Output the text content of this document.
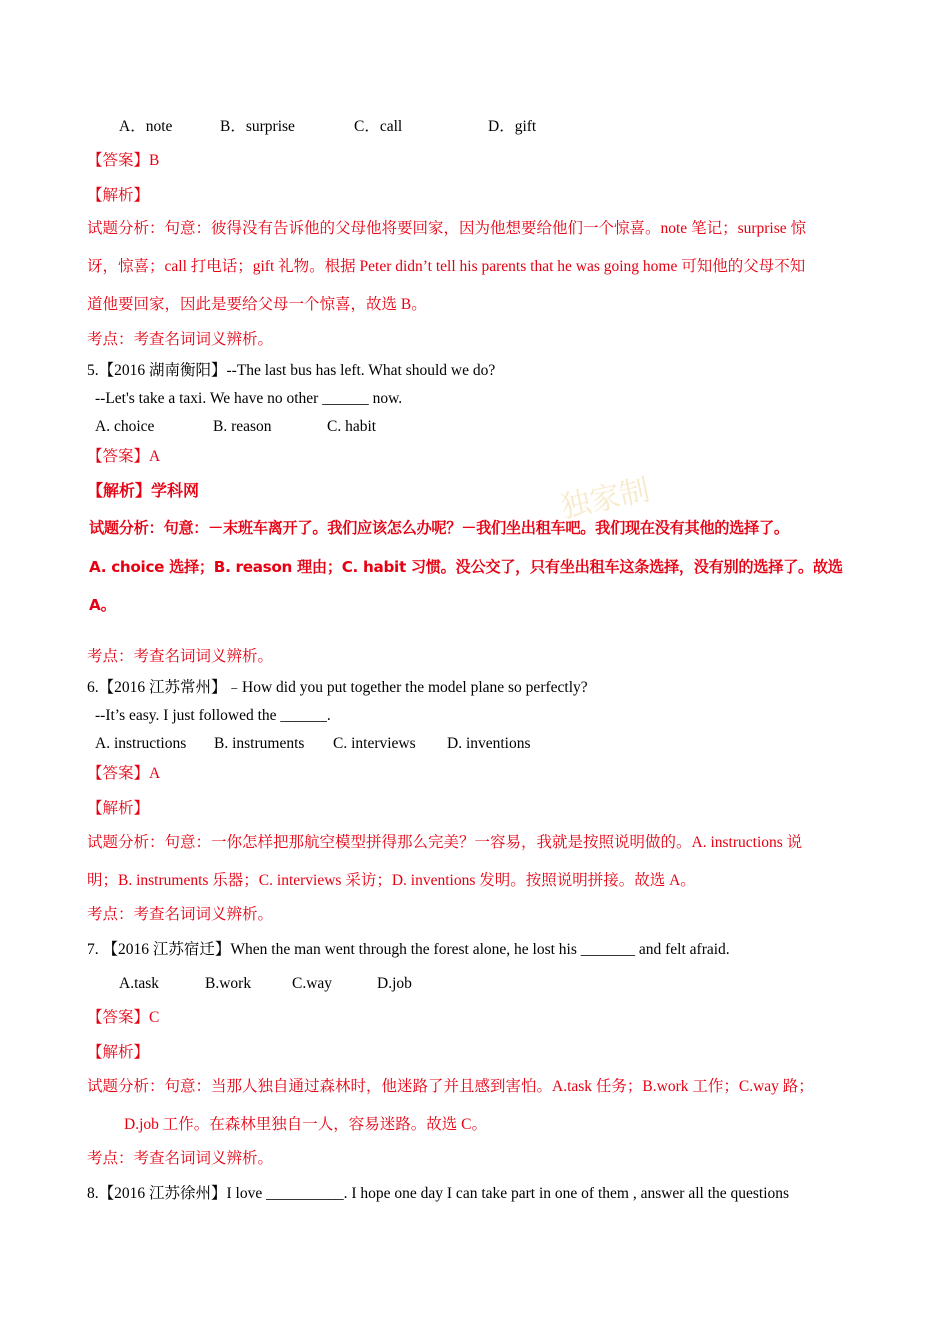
A．note	B．surprise	C．call	D．gift
【答案】B
【解析】
试题分析：句意：彼得没有告诉他的父母他将要回家，因为他想要给他们一个惊喜。note 笔记；surprise 惊
讶，惊喜；call 打电话；gift 礼物。根据 Peter didn’t tell his parents that he was going home 可知他的父母不知
道他要回家，因此是要给父母一个惊喜，故选 B。
考点：考查名词词义辨析。
5.【2016 湖南衡阳】--The last bus has left. What should we do?
--Let's take a taxi. We have no other ______ now.
A. choice	B. reason	C. habit
【答案】A
独家制
【解析】学科网
试题分析：句意：－末班车离开了。我们应该怎么办呢？－我们坐出租车吧。我们现在没有其他的选择了。
A. choice 选择；B. reason 理由；C. habit 习惯。没公交了，只有坐出租车这条选择，没有别的选择了。故选
A。
考点：考查名词词义辨析。
6.【2016 江苏常州】﹣How did you put together the model plane so perfectly?
--It’s easy. I just followed the ______.
A. instructions B. instruments C. interviews D. inventions
【答案】A
【解析】
试题分析：句意：一你怎样把那航空模型拼得那么完美？一容易，我就是按照说明做的。A. instructions 说
明；B. instruments 乐器；C. interviews 采访；D. inventions 发明。按照说明拼接。故选 A。
考点：考查名词词义辨析。
7. 【2016 江苏宿迁】When the man went through the forest alone, he lost his _______ and felt afraid.
A.task	B.work	C.way	D.job
【答案】C
【解析】
试题分析：句意：当那人独自通过森林时，他迷路了并且感到害怕。A.task 任务；B.work 工作；C.way 路；
D.job 工作。在森林里独自一人，容易迷路。故选 C。
考点：考查名词词义辨析。
8.【2016 江苏徐州】I love __________. I hope one day I can take part in one of them , answer all the questions
